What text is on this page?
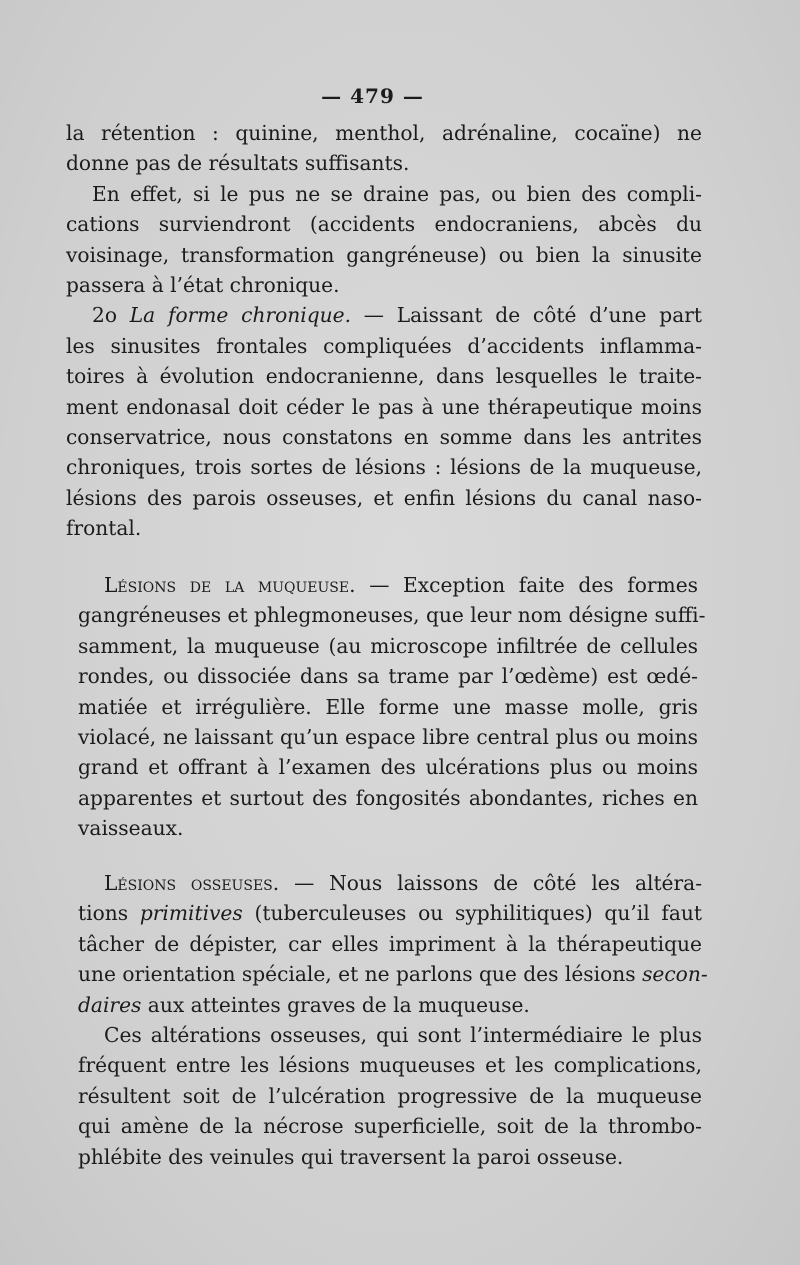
— 479 —
la rétention : quinine, menthol, adrénaline, cocaïne) ne
donne pas de résultats suffisants.
En effet, si le pus ne se draine pas, ou bien des compli-
cations surviendront (accidents endocraniens, abcès du
voisinage, transformation gangréneuse) ou bien la sinusite
passera à l’état chronique.
2o La forme chronique. — Laissant de côté d’une part
les sinusites frontales compliquées d’accidents inflamma-
toires à évolution endocranienne, dans lesquelles le traite-
ment endonasal doit céder le pas à une thérapeutique moins
conservatrice, nous constatons en somme dans les antrites
chroniques, trois sortes de lésions : lésions de la muqueuse,
lésions des parois osseuses, et enfin lésions du canal naso-
frontal.
Lésions de la muqueuse. — Exception faite des formes
gangréneuses et phlegmoneuses, que leur nom désigne suffi-
samment, la muqueuse (au microscope infiltrée de cellules
rondes, ou dissociée dans sa trame par l’œdème) est œdé-
matiée et irrégulière. Elle forme une masse molle, gris
violacé, ne laissant qu’un espace libre central plus ou moins
grand et offrant à l’examen des ulcérations plus ou moins
apparentes et surtout des fongosités abondantes, riches en
vaisseaux.
Lésions osseuses. — Nous laissons de côté les altéra-
tions primitives (tuberculeuses ou syphilitiques) qu’il faut
tâcher de dépister, car elles impriment à la thérapeutique
une orientation spéciale, et ne parlons que des lésions secon-
daires aux atteintes graves de la muqueuse.
Ces altérations osseuses, qui sont l’intermédiaire le plus
fréquent entre les lésions muqueuses et les complications,
résultent soit de l’ulcération progressive de la muqueuse
qui amène de la nécrose superficielle, soit de la thrombo-
phlébite des veinules qui traversent la paroi osseuse.
